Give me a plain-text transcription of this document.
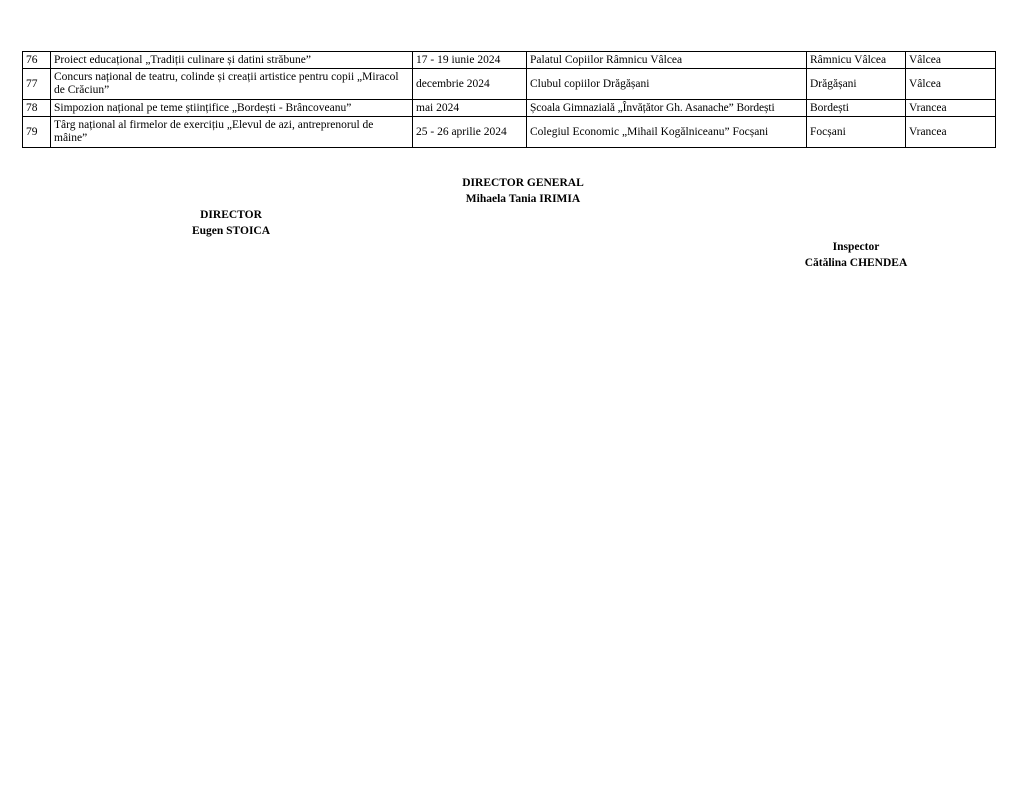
76	Proiect educațional „Tradiții culinare și datini străbune”	17 - 19 iunie 2024	Palatul Copiilor Râmnicu Vâlcea	Râmnicu Vâlcea	Vâlcea
77	Concurs național de teatru, colinde și creații artistice pentru copii „Miracol de Crăciun”	decembrie 2024	Clubul copiilor Drăgășani	Drăgășani	Vâlcea
78	Simpozion național pe teme științifice „Bordești - Brâncoveanu”	mai 2024	Școala Gimnazială „Învățător Gh. Asanache” Bordești	Bordești	Vrancea
79	Târg național al firmelor de exercițiu „Elevul de azi, antreprenorul de mâine”	25 - 26 aprilie 2024	Colegiul Economic „Mihail Kogălniceanu” Focșani	Focșani	Vrancea
DIRECTOR GENERAL
Mihaela Tania IRIMIA
DIRECTOR
Eugen STOICA
Inspector
Cătălina CHENDEA
